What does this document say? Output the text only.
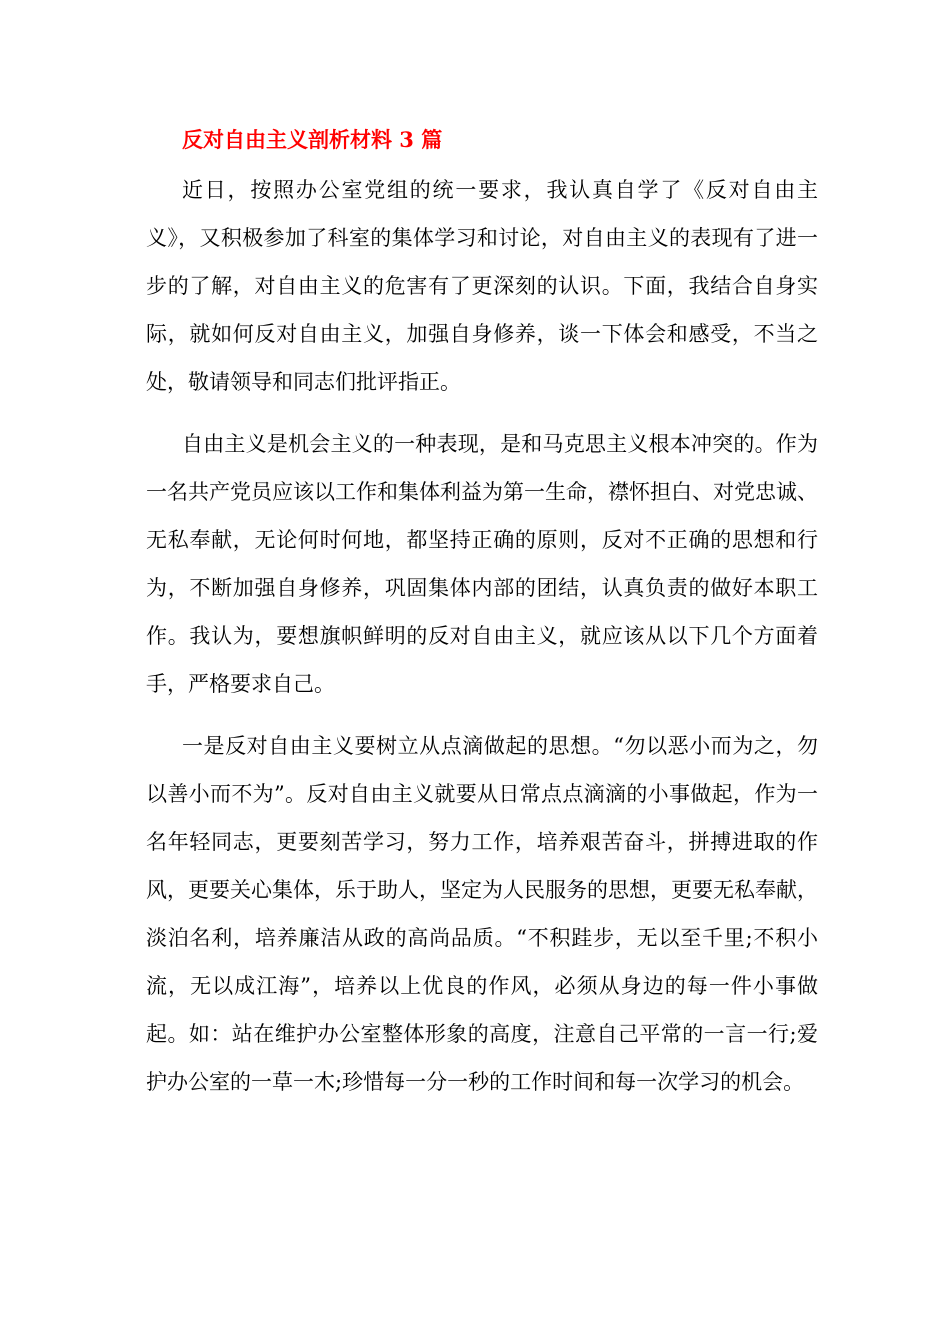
反对自由主义剖析材料 3 篇

近日，按照办公室党组的统一要求，我认真自学了《反对自由主义》，又积极参加了科室的集体学习和讨论，对自由主义的表现有了进一步的了解，对自由主义的危害有了更深刻的认识。下面，我结合自身实际，就如何反对自由主义，加强自身修养，谈一下体会和感受，不当之处，敬请领导和同志们批评指正。

自由主义是机会主义的一种表现，是和马克思主义根本冲突的。作为一名共产党员应该以工作和集体利益为第一生命，襟怀担白、对党忠诚、无私奉献，无论何时何地，都坚持正确的原则，反对不正确的思想和行为，不断加强自身修养，巩固集体内部的团结，认真负责的做好本职工作。我认为，要想旗帜鲜明的反对自由主义，就应该从以下几个方面着手，严格要求自己。

一是反对自由主义要树立从点滴做起的思想。“勿以恶小而为之，勿以善小而不为”。反对自由主义就要从日常点点滴滴的小事做起，作为一名年轻同志，更要刻苦学习，努力工作，培养艰苦奋斗，拼搏进取的作风，更要关心集体，乐于助人，坚定为人民服务的思想，更要无私奉献，淡泊名利，培养廉洁从政的高尚品质。“不积跬步，无以至千里;不积小流，无以成江海”，培养以上优良的作风，必须从身边的每一件小事做起。如：站在维护办公室整体形象的高度，注意自己平常的一言一行;爱护办公室的一草一木;珍惜每一分一秒的工作时间和每一次学习的机会。
